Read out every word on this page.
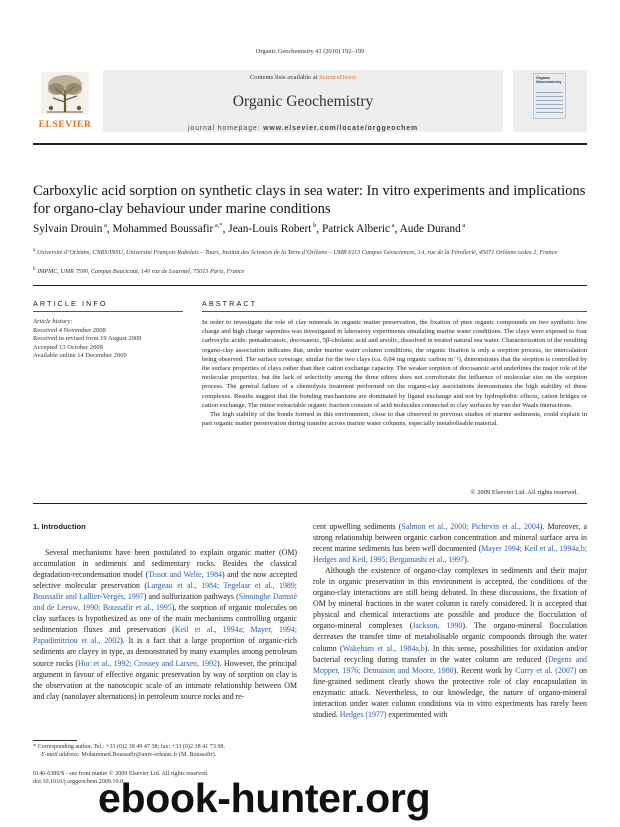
Organic Geochemistry 41 (2010) 192–199
ELSEVIER
Contents lists available at ScienceDirect
Organic Geochemistry
journal homepage: www.elsevier.com/locate/orggeochem
Organic Geochemistry
Carboxylic acid sorption on synthetic clays in sea water: In vitro experiments and implications for organo-clay behaviour under marine conditions
Sylvain Drouin $^a$, Mohammed Boussafir $^{a,*}$, Jean-Louis Robert $^b$, Patrick Alberic $^a$, Aude Durand $^a$
$^a$ Université d’Orléans, CNRS/INSU, Université François Rabelais – Tours, Institut des Sciences de la Terre d’Orléans – UMR 6113 Campus Géosciences, 1A, rue de la Férollerie, 45071 Orléans cedex 2, France
$^b$ IMPMC, UMR 7590, Campus Boucicaut, 140 rue de Lourmel, 75015 Paris, France
ARTICLE INFO	ABSTRACT
Article history:
Received 4 November 2008
Received in revised form 19 August 2009
Accepted 13 October 2009
Available online 14 December 2009

In order to investigate the role of clay minerals in organic matter preservation, the fixation of pure organic compounds on two synthetic low charge and high charge saponites was investigated in laboratory experiments simulating marine water conditions. The clays were exposed to four carboxylic acids: pentadecanoic, docosanoic, 5β-cholanic acid and ursolic, dissolved in treated natural sea water. Characterization of the resulting organo-clay association indicates that, under marine water column conditions, the organic fixation is only a sorption process, no intercalation being observed. The surface coverage, similar for the two clays (ca. 0.04 mg organic carbon m⁻²), demonstrates that the sorption is controlled by the surface properties of clays rather than their cation exchange capacity. The weaker sorption of docosanoic acid underlines the major role of the molecular properties, but the lack of selectivity among the three others does not corroborate the influence of molecular size on the sorption process. The general failure of a chemolysis treatment performed on the organo-clay associations demonstrates the high stability of these complexes. Results suggest that the bonding mechanisms are dominated by ligand exchange and not by hydrophobic effects, cation bridges or cation exchange. The minor extractable organic fraction consists of acid molecules connected to clay surfaces by van der Waals interactions.

The high stability of the bonds formed in this environment, close to that observed in previous studies of marine sediments, could explain in part organic matter preservation during transfer across marine water columns, especially metabolisable material.

© 2009 Elsevier Ltd. All rights reserved.
1. Introduction

Several mechanisms have been postulated to explain organic matter (OM) accumulation in sediments and sedimentary rocks. Besides the classical degradation-recondensation model (Tissot and Welte, 1984) and the now accepted selective molecular preservation (Largeau et al., 1984; Tegelaar et al., 1989; Boussafir and Lallier-Vergès, 1997) and sulfurization pathways (Sinninghe Damsté and de Leeuw, 1990; Boussafir et al., 1995), the sorption of organic molecules on clay surfaces is hypothesized as one of the main mechanisms controlling organic sedimentation fluxes and preservation (Keil et al., 1994a; Mayer, 1994; Papadimitriou et al., 2002). It is a fact that a large proportion of organic-rich sediments are clayey in type, as demonstrated by many examples among petroleum source rocks (Huc et al., 1992; Crossey and Larsen, 1992). However, the principal argument in favour of effective organic preservation by way of sorption on clay is the observation at the nanoscopic scale of an intimate relationship between OM and clay (nanolayer alternations) in petroleum source rocks and re-

cent upwelling sediments (Salmon et al., 2000; Pichevin et al., 2004). Moreover, a strong relationship between organic carbon concentration and mineral surface area in recent marine sediments has been well documented (Mayer 1994; Keil et al., 1994a,b; Hedges and Keil, 1995; Bergamashi et al., 1997).

Although the existence of organo-clay complexes in sediments and their major role in organic preservation in this environment is accepted, the conditions of the organo-clay interactions are still being debated. In these discussions, the fixation of OM by mineral fractions in the water column is rarely considered. It is accepted that physical and chemical interactions are possible and produce the flocculation of organo-mineral complexes (Jackson, 1990). The organo-mineral flocculation decreases the transfer time of metabolisable organic compounds through the water column (Wakeham et al., 1984a,b). In this sense, possibilities for oxidation and/or bacterial recycling during transfer in the water column are reduced (Degens and Mopper, 1976; Demaison and Moore, 1980). Recent work by Curry et al. (2007) on fine-grained sediment clearly shows the protective role of clay encapsulation in enzymatic attack. Nevertheless, to our knowledge, the nature of organo-mineral interaction under water column conditions via in vitro experiments has rarely been studied. Hedges (1977) experimented with

* Corresponding author. Tel.: +33 (0)2 38 49 47 38; fax: +33 (0)2 38 41 73 08.
E-mail address: Mohammed.Boussafir@univ-orleans.fr (M. Boussafir).
0146-6380/$ - see front matter © 2009 Elsevier Ltd. All rights reserved.
doi:10.1016/j.orggeochem.2009.10.0
ebook-hunter.org
